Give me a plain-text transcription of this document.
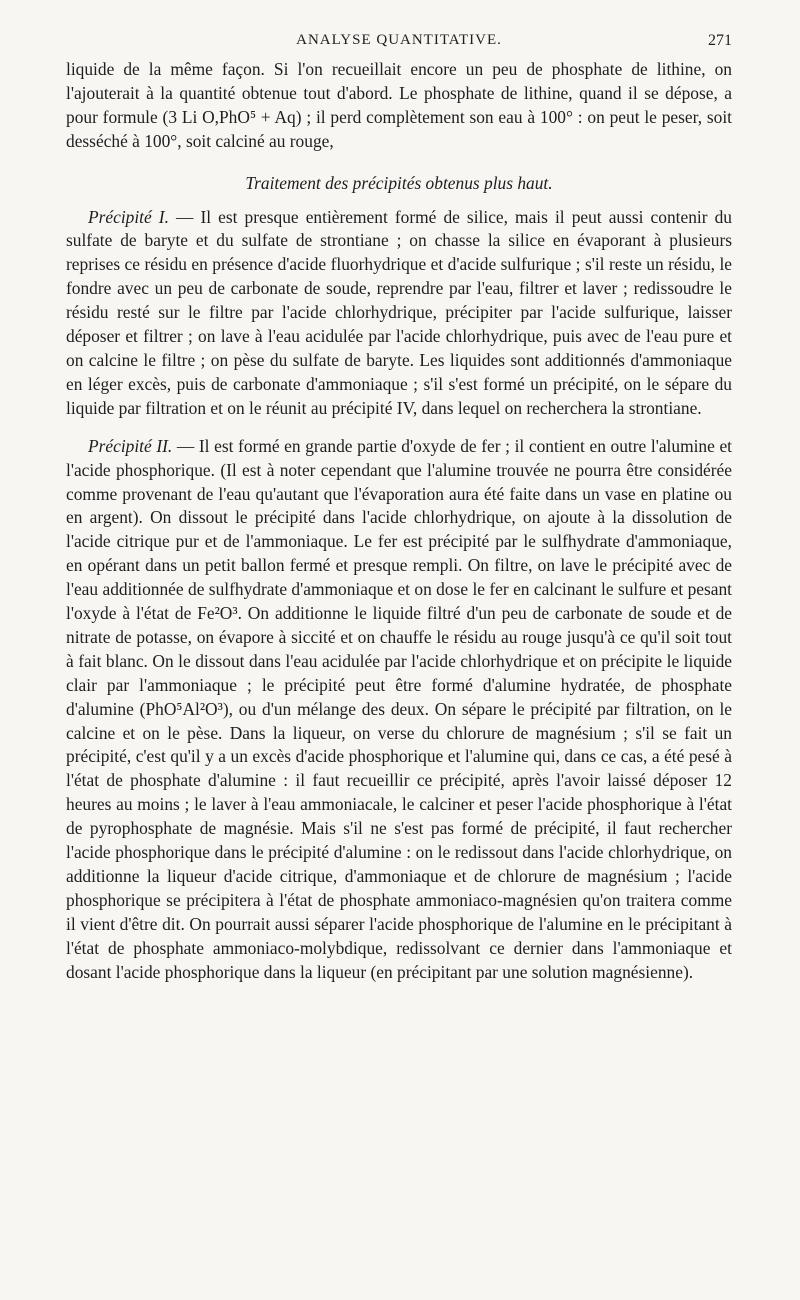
ANALYSE QUANTITATIVE.	271

liquide de la même façon. Si l'on recueillait encore un peu de phosphate de lithine, on l'ajouterait à la quantité obtenue tout d'abord. Le phosphate de lithine, quand il se dépose, a pour formule (3 Li O,PhO⁵ + Aq) ; il perd complètement son eau à 100° : on peut le peser, soit desséché à 100°, soit calciné au rouge,

Traitement des précipités obtenus plus haut.

Précipité I. — Il est presque entièrement formé de silice, mais il peut aussi contenir du sulfate de baryte et du sulfate de strontiane ; on chasse la silice en évaporant à plusieurs reprises ce résidu en présence d'acide fluorhydrique et d'acide sulfurique ; s'il reste un résidu, le fondre avec un peu de carbonate de soude, reprendre par l'eau, filtrer et laver ; redissoudre le résidu resté sur le filtre par l'acide chlorhydrique, précipiter par l'acide sulfurique, laisser déposer et filtrer ; on lave à l'eau acidulée par l'acide chlorhydrique, puis avec de l'eau pure et on calcine le filtre ; on pèse du sulfate de baryte. Les liquides sont additionnés d'ammoniaque en léger excès, puis de carbonate d'ammoniaque ; s'il s'est formé un précipité, on le sépare du liquide par filtration et on le réunit au précipité IV, dans lequel on recherchera la strontiane.

Précipité II. — Il est formé en grande partie d'oxyde de fer ; il contient en outre l'alumine et l'acide phosphorique. (Il est à noter cependant que l'alumine trouvée ne pourra être considérée comme provenant de l'eau qu'autant que l'évaporation aura été faite dans un vase en platine ou en argent). On dissout le précipité dans l'acide chlorhydrique, on ajoute à la dissolution de l'acide citrique pur et de l'ammoniaque. Le fer est précipité par le sulfhydrate d'ammoniaque, en opérant dans un petit ballon fermé et presque rempli. On filtre, on lave le précipité avec de l'eau additionnée de sulfhydrate d'ammoniaque et on dose le fer en calcinant le sulfure et pesant l'oxyde à l'état de Fe²O³. On additionne le liquide filtré d'un peu de carbonate de soude et de nitrate de potasse, on évapore à siccité et on chauffe le résidu au rouge jusqu'à ce qu'il soit tout à fait blanc. On le dissout dans l'eau acidulée par l'acide chlorhydrique et on précipite le liquide clair par l'ammoniaque ; le précipité peut être formé d'alumine hydratée, de phosphate d'alumine (PhO⁵Al²O³), ou d'un mélange des deux. On sépare le précipité par filtration, on le calcine et on le pèse. Dans la liqueur, on verse du chlorure de magnésium ; s'il se fait un précipité, c'est qu'il y a un excès d'acide phosphorique et l'alumine qui, dans ce cas, a été pesé à l'état de phosphate d'alumine : il faut recueillir ce précipité, après l'avoir laissé déposer 12 heures au moins ; le laver à l'eau ammoniacale, le calciner et peser l'acide phosphorique à l'état de pyrophosphate de magnésie. Mais s'il ne s'est pas formé de précipité, il faut rechercher l'acide phosphorique dans le précipité d'alumine : on le redissout dans l'acide chlorhydrique, on additionne la liqueur d'acide citrique, d'ammoniaque et de chlorure de magnésium ; l'acide phosphorique se précipitera à l'état de phosphate ammoniaco-magnésien qu'on traitera comme il vient d'être dit. On pourrait aussi séparer l'acide phosphorique de l'alumine en le précipitant à l'état de phosphate ammoniaco-molybdique, redissolvant ce dernier dans l'ammoniaque et dosant l'acide phosphorique dans la liqueur (en précipitant par une solution magnésienne).
